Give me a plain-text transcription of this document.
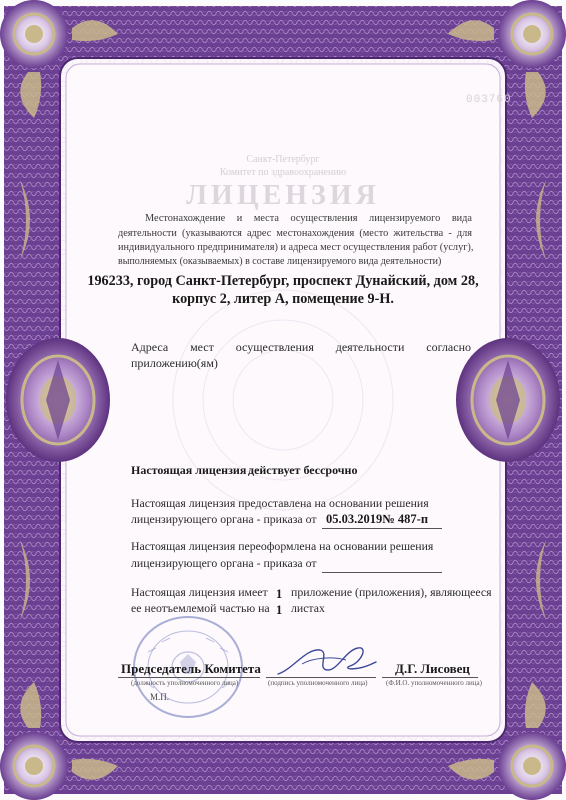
003760
Санкт-Петербург
Комитет по здравоохранению
ЛИЦЕНЗИЯ
Местонахождение и места осуществления лицензируемого вида
деятельности (указываются адрес местонахождения (место жительства - для
индивидуального предпринимателя) и адреса мест осуществления работ (услуг),
выполняемых (оказываемых) в составе лицензируемого вида деятельности)
196233, город Санкт-Петербург, проспект Дунайский, дом 28,
корпус 2, литер А, помещение 9-Н.
Адреса мест осуществления деятельности согласно
приложению(ям)
Настоящая лицензия действует бессрочно
Настоящая лицензия предоставлена на основании решения
лицензирующего органа - приказа от 05.03.2019№ 487-п
Настоящая лицензия переоформлена на основании решения
лицензирующего органа - приказа от
Настоящая лицензия имеет
ее неотъемлемой частью на
1
1
приложение (приложения), являющееся
листах
Председатель Комитета
(должность уполномоченного лица)	(подпись уполномоченного лица)
Д.Г. Лисовец
(Ф.И.О. уполномоченного лица)
М.П.
